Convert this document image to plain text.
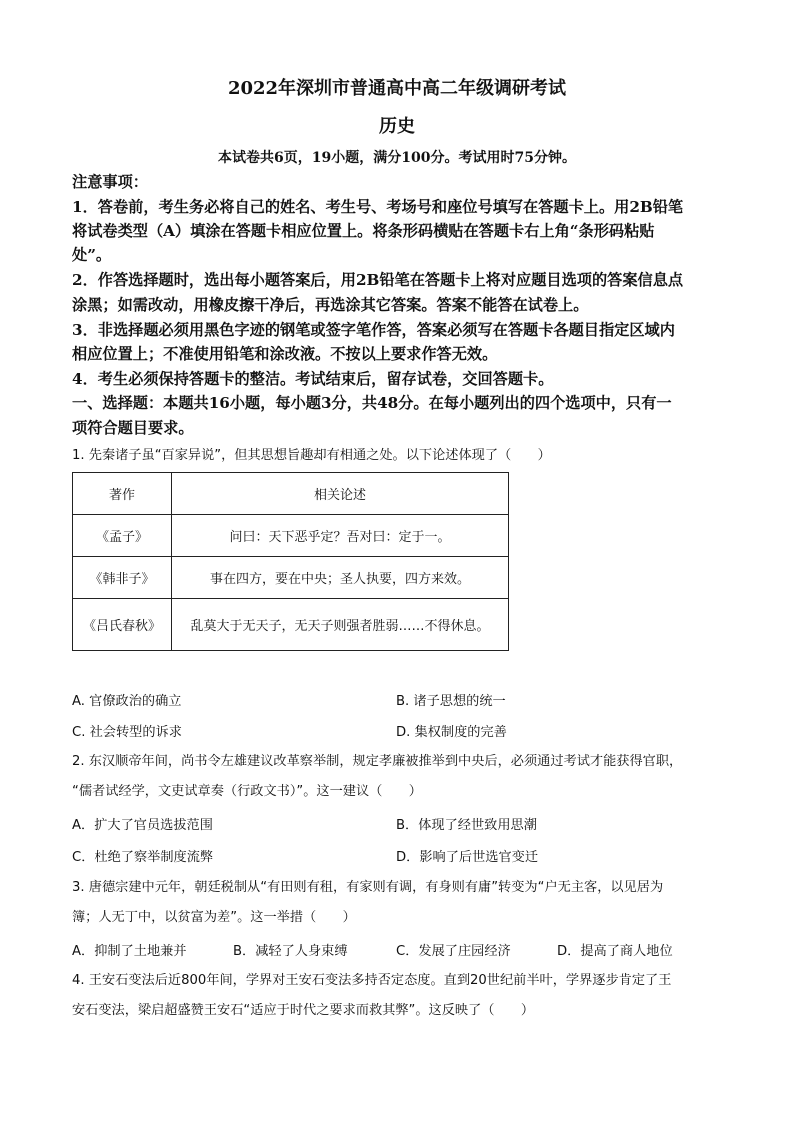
2022年深圳市普通高中高二年级调研考试
历史
本试卷共6页，19小题，满分100分。考试用时75分钟。
注意事项：
1．答卷前，考生务必将自己的姓名、考生号、考场号和座位号填写在答题卡上。用2B铅笔
将试卷类型（A）填涂在答题卡相应位置上。将条形码横贴在答题卡右上角“条形码粘贴
处”。
2．作答选择题时，选出每小题答案后，用2B铅笔在答题卡上将对应题目选项的答案信息点
涂黑；如需改动，用橡皮擦干净后，再选涂其它答案。答案不能答在试卷上。
3．非选择题必须用黑色字迹的钢笔或签字笔作答，答案必须写在答题卡各题目指定区域内
相应位置上；不准使用铅笔和涂改液。不按以上要求作答无效。
4．考生必须保持答题卡的整洁。考试结束后，留存试卷，交回答题卡。
一、选择题：本题共16小题，每小题3分，共48分。在每小题列出的四个选项中，只有一
项符合题目要求。
1. 先秦诸子虽“百家异说”，但其思想旨趣却有相通之处。以下论述体现了（　　）
著作	相关论述
《孟子》	问曰：天下恶乎定？吾对曰：定于一。
《韩非子》	事在四方，要在中央；圣人执要，四方来效。
《吕氏春秋》	乱莫大于无天子，无天子则强者胜弱……不得休息。
A. 官僚政治的确立	B. 诸子思想的统一
C. 社会转型的诉求	D. 集权制度的完善
2. 东汉顺帝年间，尚书令左雄建议改革察举制，规定孝廉被推举到中央后，必须通过考试才能获得官职，
“儒者试经学，文吏试章奏（行政文书）”。这一建议（　　）
A．扩大了官员选拔范围	B．体现了经世致用思潮
C．杜绝了察举制度流弊	D．影响了后世选官变迁
3. 唐德宗建中元年，朝廷税制从“有田则有租，有家则有调，有身则有庸”转变为“户无主客，以见居为
簿；人无丁中，以贫富为差”。这一举措（　　）
A．抑制了土地兼并	B．减轻了人身束缚	C．发展了庄园经济	D．提高了商人地位
4. 王安石变法后近800年间，学界对王安石变法多持否定态度。直到20世纪前半叶，学界逐步肯定了王
安石变法，梁启超盛赞王安石“适应于时代之要求而救其弊”。这反映了（　　）
